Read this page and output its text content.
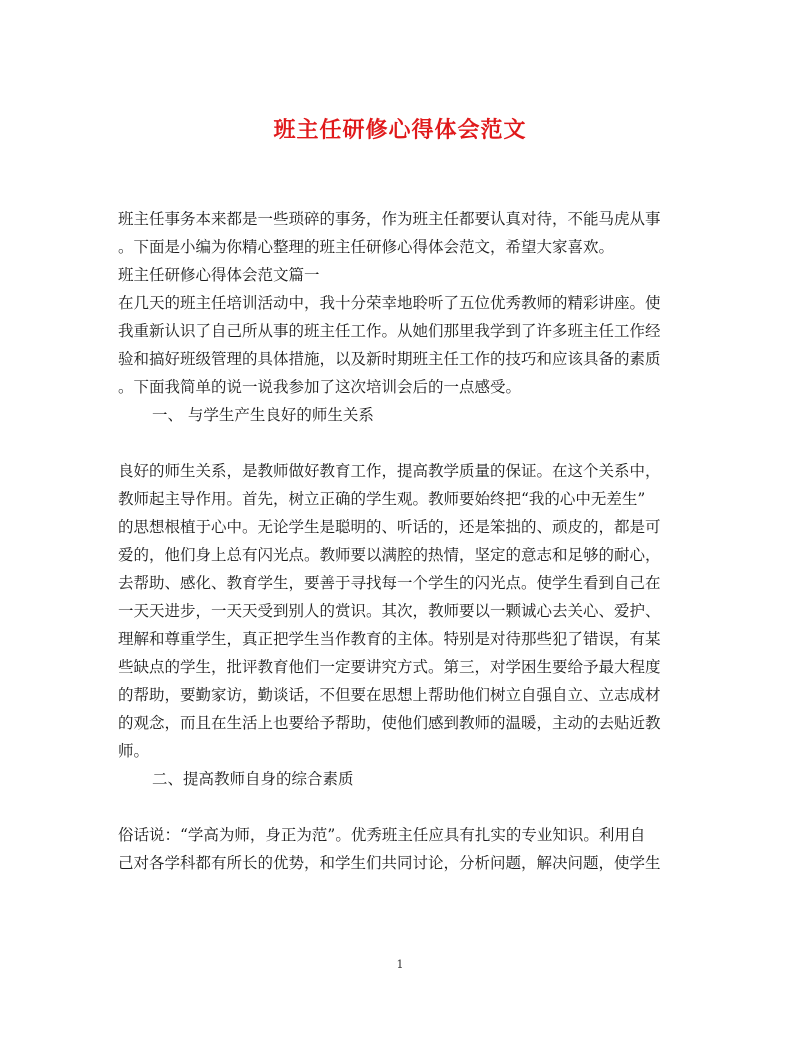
班主任研修心得体会范文
班主任事务本来都是一些琐碎的事务，作为班主任都要认真对待，不能马虎从事
。下面是小编为你精心整理的班主任研修心得体会范文，希望大家喜欢。
班主任研修心得体会范文篇一
在几天的班主任培训活动中，我十分荣幸地聆听了五位优秀教师的精彩讲座。使
我重新认识了自己所从事的班主任工作。从她们那里我学到了许多班主任工作经
验和搞好班级管理的具体措施，以及新时期班主任工作的技巧和应该具备的素质
。下面我简单的说一说我参加了这次培训会后的一点感受。
一、 与学生产生良好的师生关系
良好的师生关系，是教师做好教育工作，提高教学质量的保证。在这个关系中，
教师起主导作用。首先，树立正确的学生观。教师要始终把“我的心中无差生”
的思想根植于心中。无论学生是聪明的、听话的，还是笨拙的、顽皮的，都是可
爱的，他们身上总有闪光点。教师要以满腔的热情，坚定的意志和足够的耐心，
去帮助、感化、教育学生，要善于寻找每一个学生的闪光点。使学生看到自己在
一天天进步，一天天受到别人的赏识。其次，教师要以一颗诚心去关心、爱护、
理解和尊重学生，真正把学生当作教育的主体。特别是对待那些犯了错误，有某
些缺点的学生，批评教育他们一定要讲究方式。第三，对学困生要给予最大程度
的帮助，要勤家访，勤谈话，不但要在思想上帮助他们树立自强自立、立志成材
的观念，而且在生活上也要给予帮助，使他们感到教师的温暖，主动的去贴近教
师。
二、提高教师自身的综合素质
俗话说：“学高为师，身正为范”。优秀班主任应具有扎实的专业知识。利用自
己对各学科都有所长的优势，和学生们共同讨论，分析问题，解决问题，使学生
1
